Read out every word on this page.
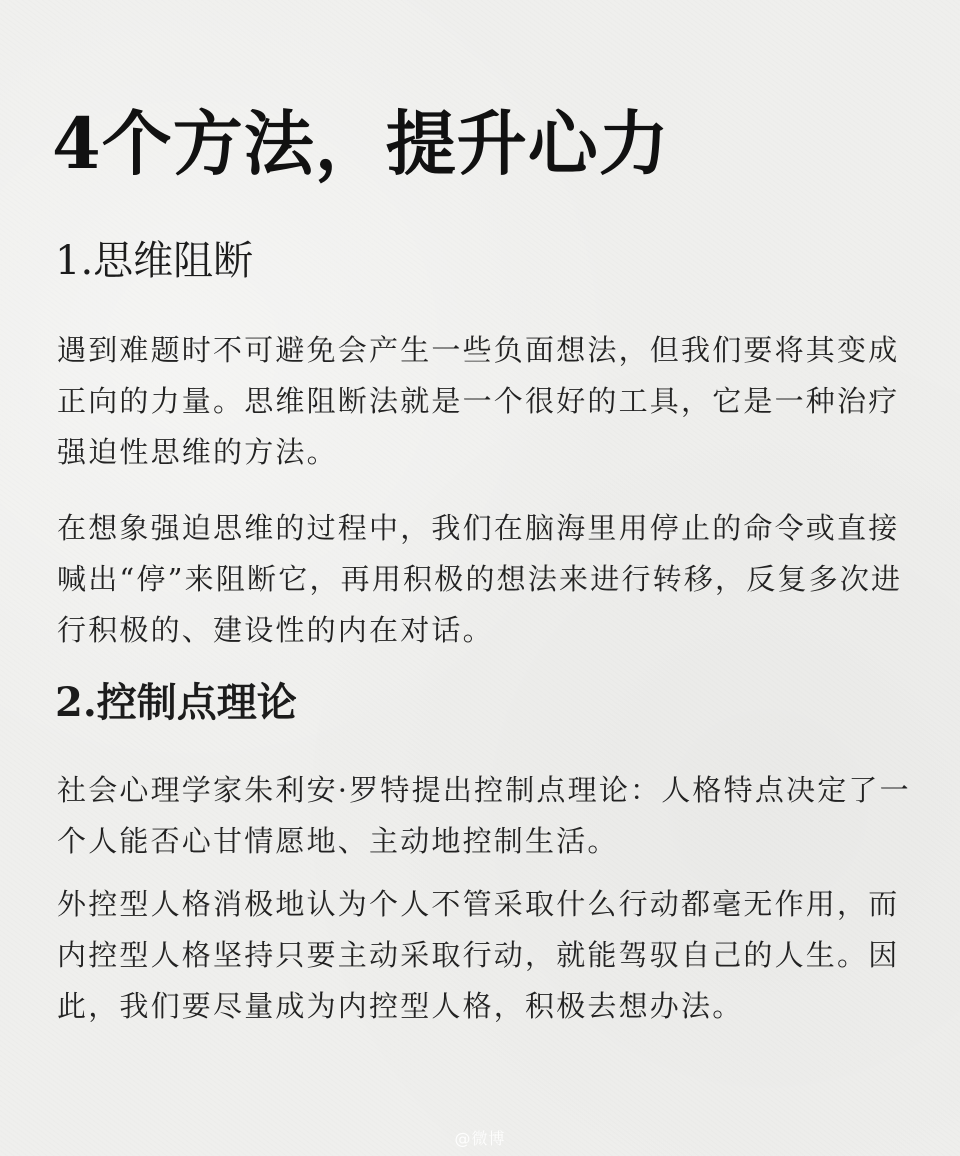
4个方法，提升心力
1.思维阻断

遇到难题时不可避免会产生一些负面想法，但我们要将其变成正向的力量。思维阻断法就是一个很好的工具，它是一种治疗强迫性思维的方法。

在想象强迫思维的过程中，我们在脑海里用停止的命令或直接喊出“停”来阻断它，再用积极的想法来进行转移，反复多次进行积极的、建设性的内在对话。

2.控制点理论

社会心理学家朱利安·罗特提出控制点理论：人格特点决定了一个人能否心甘情愿地、主动地控制生活。

外控型人格消极地认为个人不管采取什么行动都毫无作用，而内控型人格坚持只要主动采取行动，就能驾驭自己的人生。因此，我们要尽量成为内控型人格，积极去想办法。

@微博
